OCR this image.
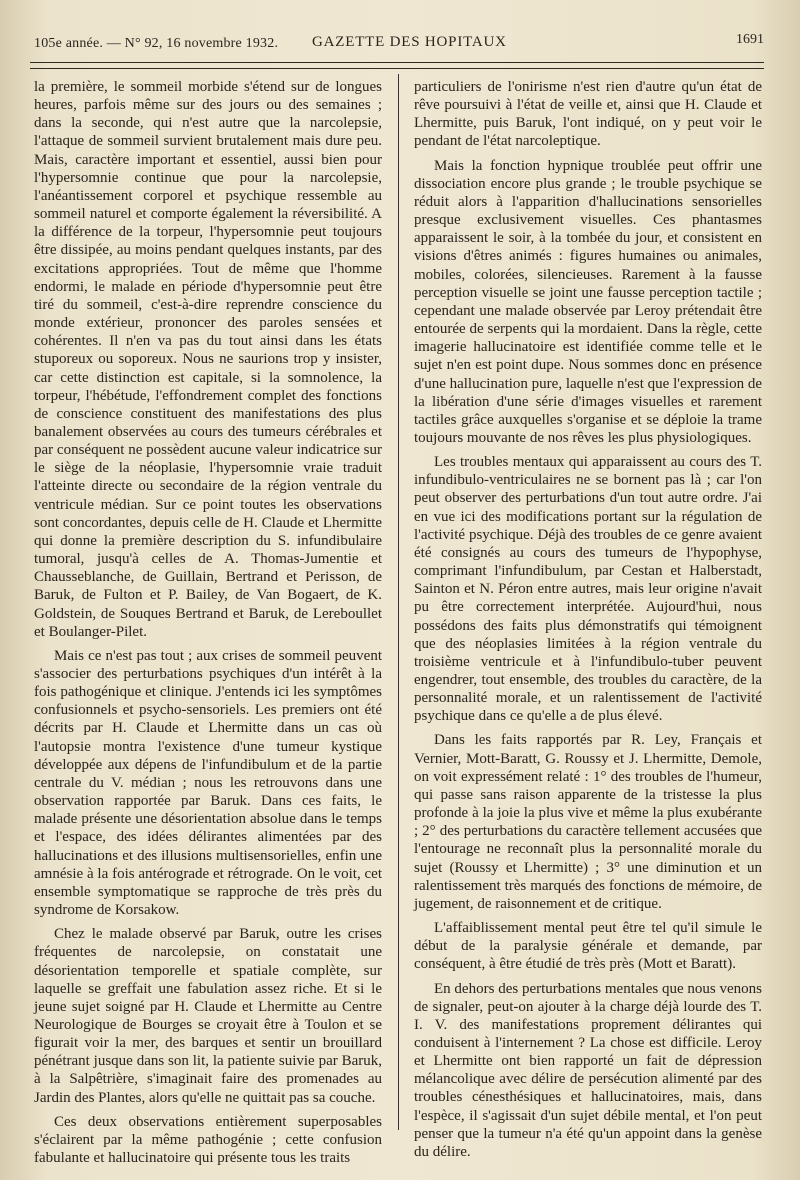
105e année. — N° 92, 16 novembre 1932. GAZETTE DES HOPITAUX	1691

la première, le sommeil morbide s'étend sur de longues heures, parfois même sur des jours ou des semaines ; dans la seconde, qui n'est autre que la narcolepsie, l'attaque de sommeil survient brutalement mais dure peu. Mais, caractère important et essentiel, aussi bien pour l'hypersomnie continue que pour la narcolepsie, l'anéantissement corporel et psychique ressemble au sommeil naturel et comporte également la réversibilité. A la différence de la torpeur, l'hypersomnie peut toujours être dissipée, au moins pendant quelques instants, par des excitations appropriées. Tout de même que l'homme endormi, le malade en période d'hypersomnie peut être tiré du sommeil, c'est-à-dire reprendre conscience du monde extérieur, prononcer des paroles sensées et cohérentes. Il n'en va pas du tout ainsi dans les états stuporeux ou soporeux. Nous ne saurions trop y insister, car cette distinction est capitale, si la somnolence, la torpeur, l'hébétude, l'effondrement complet des fonctions de conscience constituent des manifestations des plus banalement observées au cours des tumeurs cérébrales et par conséquent ne possèdent aucune valeur indicatrice sur le siège de la néoplasie, l'hypersomnie vraie traduit l'atteinte directe ou secondaire de la région ventrale du ventricule médian. Sur ce point toutes les observations sont concordantes, depuis celle de H. Claude et Lhermitte qui donne la première description du S. infundibulaire tumoral, jusqu'à celles de A. Thomas-Jumentie et Chausseblanche, de Guillain, Bertrand et Perisson, de Baruk, de Fulton et P. Bailey, de Van Bogaert, de K. Goldstein, de Souques Bertrand et Baruk, de Lereboullet et Boulanger-Pilet.

Mais ce n'est pas tout ; aux crises de sommeil peuvent s'associer des perturbations psychiques d'un intérêt à la fois pathogénique et clinique. J'entends ici les symptômes confusionnels et psycho-sensoriels. Les premiers ont été décrits par H. Claude et Lhermitte dans un cas où l'autopsie montra l'existence d'une tumeur kystique développée aux dépens de l'infundibulum et de la partie centrale du V. médian ; nous les retrouvons dans une observation rapportée par Baruk. Dans ces faits, le malade présente une désorientation absolue dans le temps et l'espace, des idées délirantes alimentées par des hallucinations et des illusions multisensorielles, enfin une amnésie à la fois antérograde et rétrograde. On le voit, cet ensemble symptomatique se rapproche de très près du syndrome de Korsakow.

Chez le malade observé par Baruk, outre les crises fréquentes de narcolepsie, on constatait une désorientation temporelle et spatiale complète, sur laquelle se greffait une fabulation assez riche. Et si le jeune sujet soigné par H. Claude et Lhermitte au Centre Neurologique de Bourges se croyait être à Toulon et se figurait voir la mer, des barques et sentir un brouillard pénétrant jusque dans son lit, la patiente suivie par Baruk, à la Salpêtrière, s'imaginait faire des promenades au Jardin des Plantes, alors qu'elle ne quittait pas sa couche.

Ces deux observations entièrement superposables s'éclairent par la même pathogénie ; cette confusion fabulante et hallucinatoire qui présente tous les traits

particuliers de l'onirisme n'est rien d'autre qu'un état de rêve poursuivi à l'état de veille et, ainsi que H. Claude et Lhermitte, puis Baruk, l'ont indiqué, on y peut voir le pendant de l'état narcoleptique.

Mais la fonction hypnique troublée peut offrir une dissociation encore plus grande ; le trouble psychique se réduit alors à l'apparition d'hallucinations sensorielles presque exclusivement visuelles. Ces phantasmes apparaissent le soir, à la tombée du jour, et consistent en visions d'êtres animés : figures humaines ou animales, mobiles, colorées, silencieuses. Rarement à la fausse perception visuelle se joint une fausse perception tactile ; cependant une malade observée par Leroy prétendait être entourée de serpents qui la mordaient. Dans la règle, cette imagerie hallucinatoire est identifiée comme telle et le sujet n'en est point dupe. Nous sommes donc en présence d'une hallucination pure, laquelle n'est que l'expression de la libération d'une série d'images visuelles et rarement tactiles grâce auxquelles s'organise et se déploie la trame toujours mouvante de nos rêves les plus physiologiques.

Les troubles mentaux qui apparaissent au cours des T. infundibulo-ventriculaires ne se bornent pas là ; car l'on peut observer des perturbations d'un tout autre ordre. J'ai en vue ici des modifications portant sur la régulation de l'activité psychique. Déjà des troubles de ce genre avaient été consignés au cours des tumeurs de l'hypophyse, comprimant l'infundibulum, par Cestan et Halberstadt, Sainton et N. Péron entre autres, mais leur origine n'avait pu être correctement interprétée. Aujourd'hui, nous possédons des faits plus démonstratifs qui témoignent que des néoplasies limitées à la région ventrale du troisième ventricule et à l'infundibulo-tuber peuvent engendrer, tout ensemble, des troubles du caractère, de la personnalité morale, et un ralentissement de l'activité psychique dans ce qu'elle a de plus élevé.

Dans les faits rapportés par R. Ley, Français et Vernier, Mott-Baratt, G. Roussy et J. Lhermitte, Demole, on voit expressément relaté : 1° des troubles de l'humeur, qui passe sans raison apparente de la tristesse la plus profonde à la joie la plus vive et même la plus exubérante ; 2° des perturbations du caractère tellement accusées que l'entourage ne reconnaît plus la personnalité morale du sujet (Roussy et Lhermitte) ; 3° une diminution et un ralentissement très marqués des fonctions de mémoire, de jugement, de raisonnement et de critique.

L'affaiblissement mental peut être tel qu'il simule le début de la paralysie générale et demande, par conséquent, à être étudié de très près (Mott et Baratt).

En dehors des perturbations mentales que nous venons de signaler, peut-on ajouter à la charge déjà lourde des T. I. V. des manifestations proprement délirantes qui conduisent à l'internement ? La chose est difficile. Leroy et Lhermitte ont bien rapporté un fait de dépression mélancolique avec délire de persécution alimenté par des troubles cénesthésiques et hallucinatoires, mais, dans l'espèce, il s'agissait d'un sujet débile mental, et l'on peut penser que la tumeur n'a été qu'un appoint dans la genèse du délire.
